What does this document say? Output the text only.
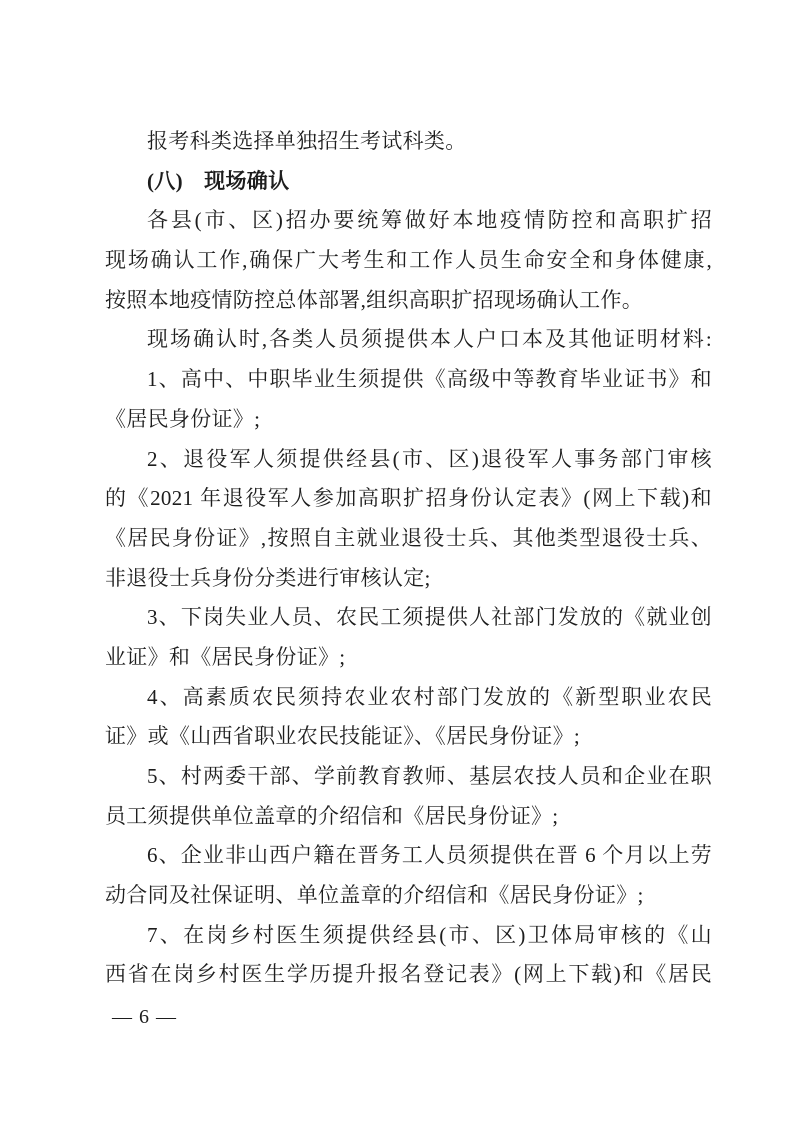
报考科类选择单独招生考试科类。
(八)　现场确认
各县(市、区)招办要统筹做好本地疫情防控和高职扩招
现场确认工作,确保广大考生和工作人员生命安全和身体健康,
按照本地疫情防控总体部署,组织高职扩招现场确认工作。
现场确认时,各类人员须提供本人户口本及其他证明材料:
1、高中、中职毕业生须提供《高级中等教育毕业证书》和
《居民身份证》;
2、退役军人须提供经县(市、区)退役军人事务部门审核
的《2021 年退役军人参加高职扩招身份认定表》(网上下载)和
《居民身份证》,按照自主就业退役士兵、其他类型退役士兵、
非退役士兵身份分类进行审核认定;
3、下岗失业人员、农民工须提供人社部门发放的《就业创
业证》和《居民身份证》;
4、高素质农民须持农业农村部门发放的《新型职业农民
证》或《山西省职业农民技能证》、《居民身份证》;
5、村两委干部、学前教育教师、基层农技人员和企业在职
员工须提供单位盖章的介绍信和《居民身份证》;
6、企业非山西户籍在晋务工人员须提供在晋 6 个月以上劳
动合同及社保证明、单位盖章的介绍信和《居民身份证》;
7、在岗乡村医生须提供经县(市、区)卫体局审核的《山
西省在岗乡村医生学历提升报名登记表》(网上下载)和《居民
— 6 —
